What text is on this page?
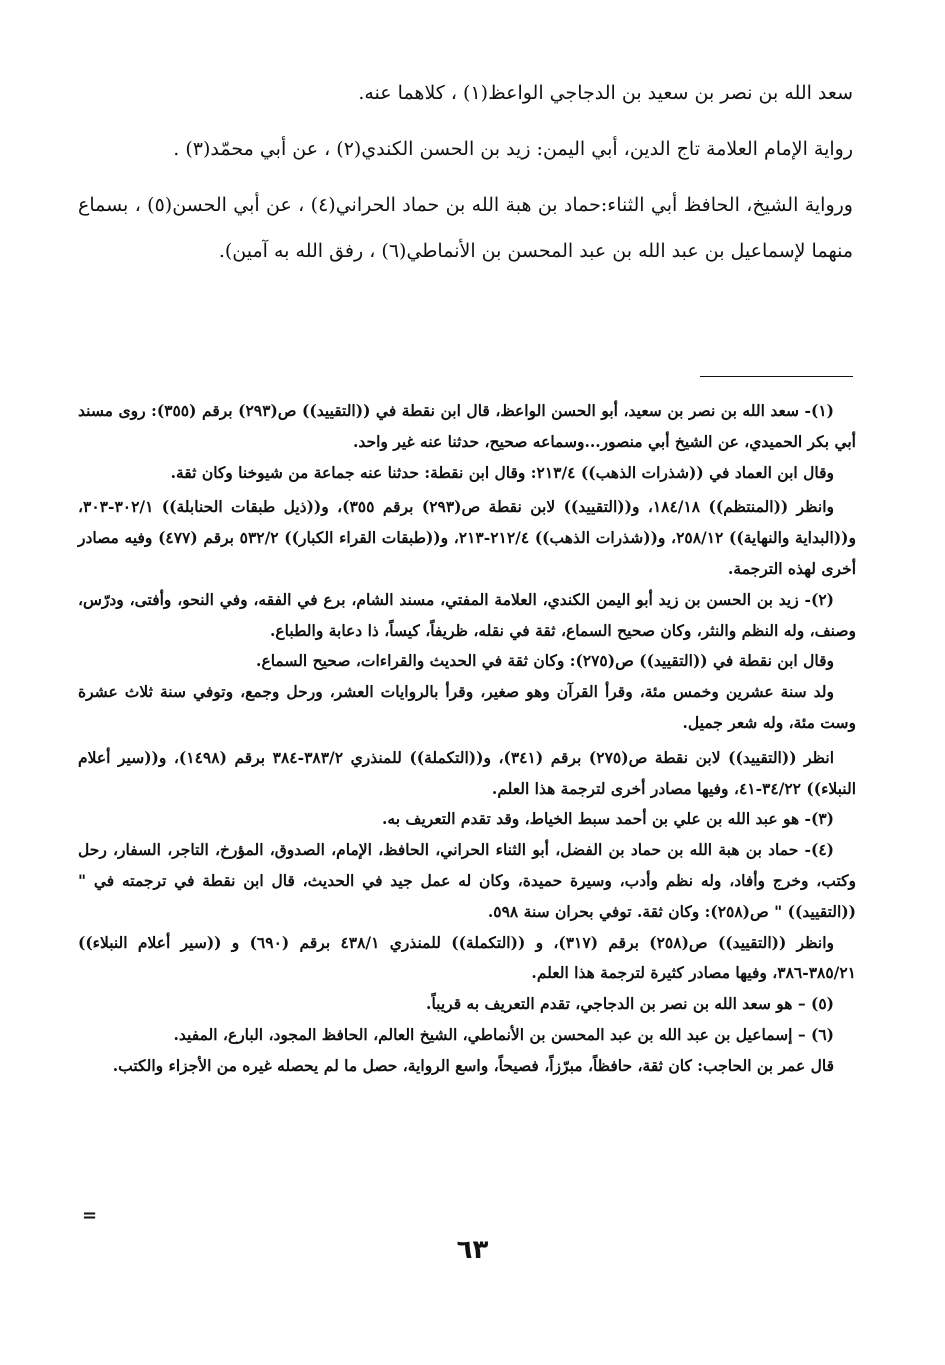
سعد الله بن نصر بن سعيد بن الدجاجي الواعظ(١) ، كلاهما عنه.

رواية الإمام العلامة تاج الدين، أبي اليمن: زيد بن الحسن الكندي(٢) ، عن أبي محمّد(٣) .

ورواية الشيخ، الحافظ أبي الثناء:حماد بن هبة الله بن حماد الحراني(٤) ، عن أبي الحسن(٥) ، بسماع منهما لإسماعيل بن عبد الله بن عبد المحسن بن الأنماطي(٦) ، رفق الله به آمين).

(١)- سعد الله بن نصر بن سعيد، أبو الحسن الواعظ، قال ابن نقطة في ((التقييد)) ص(٢٩٣) برقم (٣٥٥): روى مسند أبي بكر الحميدي، عن الشيخ أبي منصور...وسماعه صحيح، حدثنا عنه غير واحد.

وقال ابن العماد في ((شذرات الذهب)) ٢١٣/٤: وقال ابن نقطة: حدثنا عنه جماعة من شيوخنا وكان ثقة.

وانظر ((المنتظم)) ١٨٤/١٨، و((التقييد)) لابن نقطة ص(٢٩٣) برقم ٣٥٥)، و((ذيل طبقات الحنابلة)) ٣٠٢/١-٣٠٣، و((البداية والنهاية)) ٢٥٨/١٢، و((شذرات الذهب)) ٢١٢/٤-٢١٣، و((طبقات القراء الكبار)) ٥٣٢/٢ برقم (٤٧٧) وفيه مصادر أخرى لهذه الترجمة.

(٢)- زيد بن الحسن بن زيد أبو اليمن الكندي، العلامة المفتي، مسند الشام، برع في الفقه، وفي النحو، وأفتى، ودرّس، وصنف، وله النظم والنثر، وكان صحيح السماع، ثقة في نقله، ظريفاً، كيساً، ذا دعابة والطباع.

وقال ابن نقطة في ((التقييد)) ص(٢٧٥): وكان ثقة في الحديث والقراءات، صحيح السماع.

ولد سنة عشرين وخمس مئة، وقرأ القرآن وهو صغير، وقرأ بالروايات العشر، ورحل وجمع، وتوفي سنة ثلاث عشرة وست مئة، وله شعر جميل.

انظر ((التقييد)) لابن نقطة ص(٢٧٥) برقم (٣٤١)، و((التكملة)) للمنذري ٣٨٣/٢-٣٨٤ برقم (١٤٩٨)، و((سير أعلام النبلاء)) ٣٤/٢٢-٤١، وفيها مصادر أخرى لترجمة هذا العلم.

(٣)- هو عبد الله بن علي بن أحمد سبط الخياط، وقد تقدم التعريف به.

(٤)- حماد بن هبة الله بن حماد بن الفضل، أبو الثناء الحراني، الحافظ، الإمام، الصدوق، المؤرخ، التاجر، السفار، رحل وكتب، وخرج وأفاد، وله نظم وأدب، وسيرة حميدة، وكان له عمل جيد في الحديث، قال ابن نقطة في ترجمته في "((التقييد)) " ص(٢٥٨): وكان ثقة. توفي بحران سنة ٥٩٨.

وانظر ((التقييد)) ص(٢٥٨) برقم (٣١٧)، و ((التكملة)) للمنذري ٤٣٨/١ برقم (٦٩٠) و ((سير أعلام النبلاء)) ٣٨٥/٢١-٣٨٦، وفيها مصادر كثيرة لترجمة هذا العلم.

(٥) – هو سعد الله بن نصر بن الدجاجي، تقدم التعريف به قريباً.

(٦) – إسماعيل بن عبد الله بن عبد المحسن بن الأنماطي، الشيخ العالم، الحافظ المجود، البارع، المفيد.

قال عمر بن الحاجب: كان ثقة، حافظاً، مبرّزاً، فصيحاً، واسع الرواية، حصل ما لم يحصله غيره من الأجزاء والكتب.

=
٦٣
